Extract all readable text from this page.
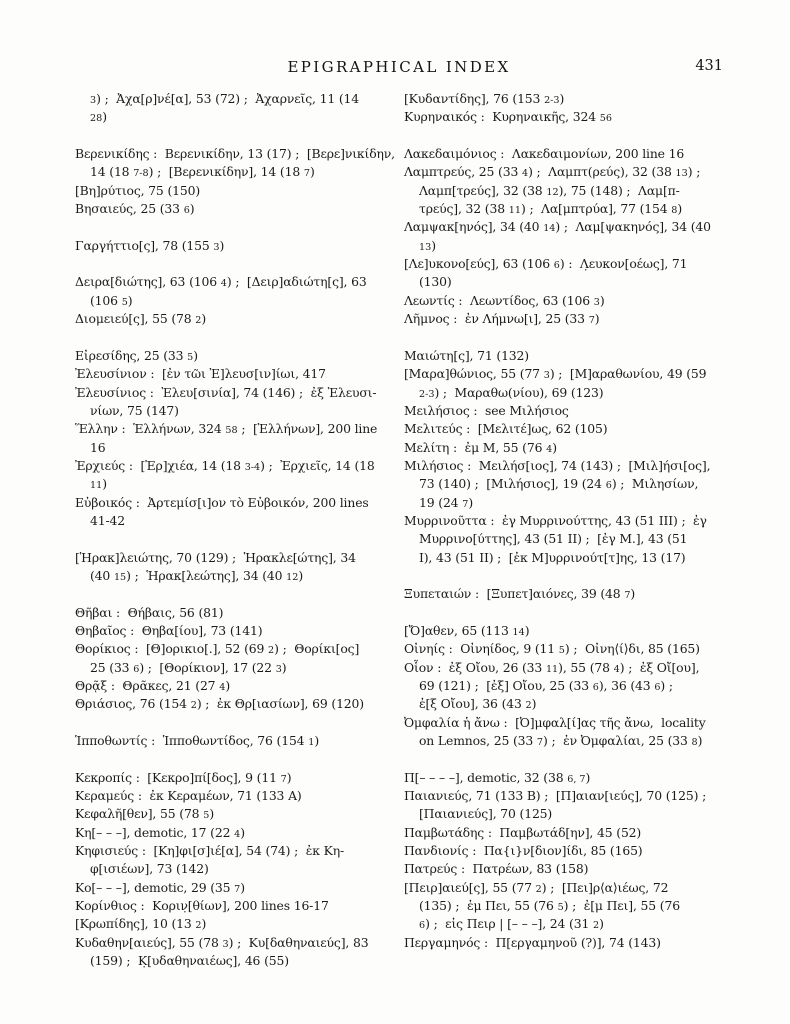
EPIGRAPHICAL INDEX	431
3) ;  Ἀχα[ρ]νέ[α], 53 (72) ;  Ἀχαρνεῖς, 11 (14
28)
Βερενικίδης :  Βερενικίδην, 13 (17) ;  [Βερε]νικίδην,
14 (18 7-8) ;  [Βερενικίδην], 14 (18 7)
[Βη]ρύτιος, 75 (150)
Βησαιεύς, 25 (33 6)
Γαργήττιο[ς], 78 (155 3)
Δειρα[διώτης], 63 (106 4) ;  [Δειρ]αδιώτη[ς], 63
(106 5)
Διομειεύ[ς], 55 (78 2)
Εἰρεσίδης, 25 (33 5)
Ἐλευσίνιον :  [ἐν τῶι Ἐ]λευσ[ιν]ίωι, 417
Ἐλευσίνιος :  Ἐλευ[σινία], 74 (146) ;  ἐξ Ἐλευσι-
νίων, 75 (147)
Ἕλλην :  Ἑλλήνων, 324 58 ;  [Ἑλλήνων], 200 line
16
Ἐρχιεύς :  [Ἐρ]χιέα, 14 (18 3-4) ;  Ἐρχιεῖς, 14 (18
11)
Εὐβοικός :  Ἀρτεμίσ[ι]ον τὸ Εὐβοικόν, 200 lines
41-42
[Ἡρακ]λειώτης, 70 (129) ;  Ἡρακλε[ώτης], 34
(40 15) ;  Ἡρακ[λεώτης], 34 (40 12)
Θῆβαι :  Θήβαις, 56 (81)
Θηβαῖος :  Θηβα[ίου], 73 (141)
Θορίκιος :  [Θ]ορικιο[.], 52 (69 2) ;  Θορίκι[ος]
25 (33 6) ;  [Θορίκιον], 17 (22 3)
Θρᾷξ :  Θρᾶκες, 21 (27 4)
Θριάσιος, 76 (154 2) ;  ἐκ Θρ[ιασίων], 69 (120)
Ἱπποθωντίς :  Ἱπποθωντίδος, 76 (154 1)
Κεκροπίς :  [Κεκρο]πί[δος], 9 (11 7)
Κεραμεύς :  ἐκ Κεραμέων, 71 (133 A)
Κεφαλῆ[θεν], 55 (78 5)
Κη[– – –], demotic, 17 (22 4)
Κηφισιεύς :  [Κη]φι[σ]ιέ[α], 54 (74) ;  ἐκ Κη-
φ[ισιέων], 73 (142)
Κο[– – –], demotic, 29 (35 7)
Κορίνθιος :  Κοριν̣[θίων], 200 lines 16-17
[Κρωπίδης], 10 (13 2)
Κυδαθην[αιεύς], 55 (78 3) ;  Κυ[δαθηναιεύς], 83
(159) ;  Κ̣[υδαθηναιέως], 46 (55)
[Κυδαντίδης], 76 (153 2-3)
Κυρηναικός :  Κυρηναικῆς, 324 56
Λακεδαιμόνιος :  Λακεδαιμονίων, 200 line 16
Λαμπτρεύς, 25 (33 4) ;  Λαμπτ(ρεύς), 32 (38 13) ;
Λαμπ[τρεύς], 32 (38 12), 75 (148) ;  Λαμ[π-
τρεύς], 32 (38 11) ;  Λα[μπτρύα], 77 (154 8)
Λαμψακ[ηνός], 34 (40 14) ;  Λαμ[ψακηνός], 34 (40
13)
[Λε]υκονο[εύς], 63 (106 6) :  Λ̣ευκον[οέως], 71
(130)
Λεωντίς :  Λεωντίδος, 63 (106 3)
Λῆμνος :  ἐν Λήμνω[ι], 25 (33 7)
Μαιώτη[ς], 71 (132)
[Μαρα]θώνιος, 55 (77 3) ;  [Μ]αραθωνίου, 49 (59
2-3) ;  Μαραθω(νίου), 69 (123)
Μειλήσιος :  see Μιλήσιος
Μελιτεύς :  [Μελιτέ]ως, 62 (105)
Μελίτη :  ἐμ Μ, 55 (76 4)
Μιλήσιος :  Μειλήσ[ιος], 74 (143) ;  [Μιλ]ήσι[ος],
73 (140) ;  [Μιλήσιος], 19 (24 6) ;  Μιλησίων,
19 (24 7)
Μυρρινοῦττα :  ἐγ Μυρρινούττης, 43 (51 III) ;  ἐγ
Μυρρινο[ύττης], 43 (51 II) ;  [ἐγ Μ.], 43 (51
I), 43 (51 II) ;  [ἐκ Μ]υρρινούτ[τ]ης, 13 (17)
Ξυπεταιών :  [Ξυπετ]αιόνες, 39 (48 7)
[Ὄ]αθεν, 65 (113 14)
Οἰνηίς :  Οἰνηίδος, 9 (11 5) ;  Οἰνη⟨ί⟩δι, 85 (165)
Οἷον :  ἐξ Οἴου, 26 (33 11), 55 (78 4) ;  ἐξ Οἴ[ου],
69 (121) ;  [ἐξ] Οἴου, 25 (33 6), 36 (43 6) ;
ἐ[ξ Οἴου], 36 (43 2)
Ὀμφαλία ἡ ἄνω :  [Ὀ]μφαλ[ί]ας τῆς ἄνω,  locality
on Lemnos, 25 (33 7) ;  ἐν Ὀμφαλίαι, 25 (33 8)
Π[– – – –], demotic, 32 (38 6, 7)
Παιανιεύς, 71 (133 B) ;  [Π]αιαν[ιεύς], 70 (125) ;
[Παιανιεύς], 70 (125)
Παμβωτάδης :  Παμβωτάδ[ην], 45 (52)
Πανδιονίς :  Πα{ι}ν[διον]ίδι, 85 (165)
Πατρεύς :  Πατρέων, 83 (158)
[Πειρ]αιεύ[ς], 55 (77 2) ;  [Πει]ρ⟨α⟩ιέως, 72
(135) ;  ἐμ Πει, 55 (76 5) ;  ἐ[μ Πει], 55 (76
6) ;  εἰς Πειρ | [– – –], 24 (31 2)
Περγαμηνός :  Π[εργαμηνοῦ (?)], 74 (143)
